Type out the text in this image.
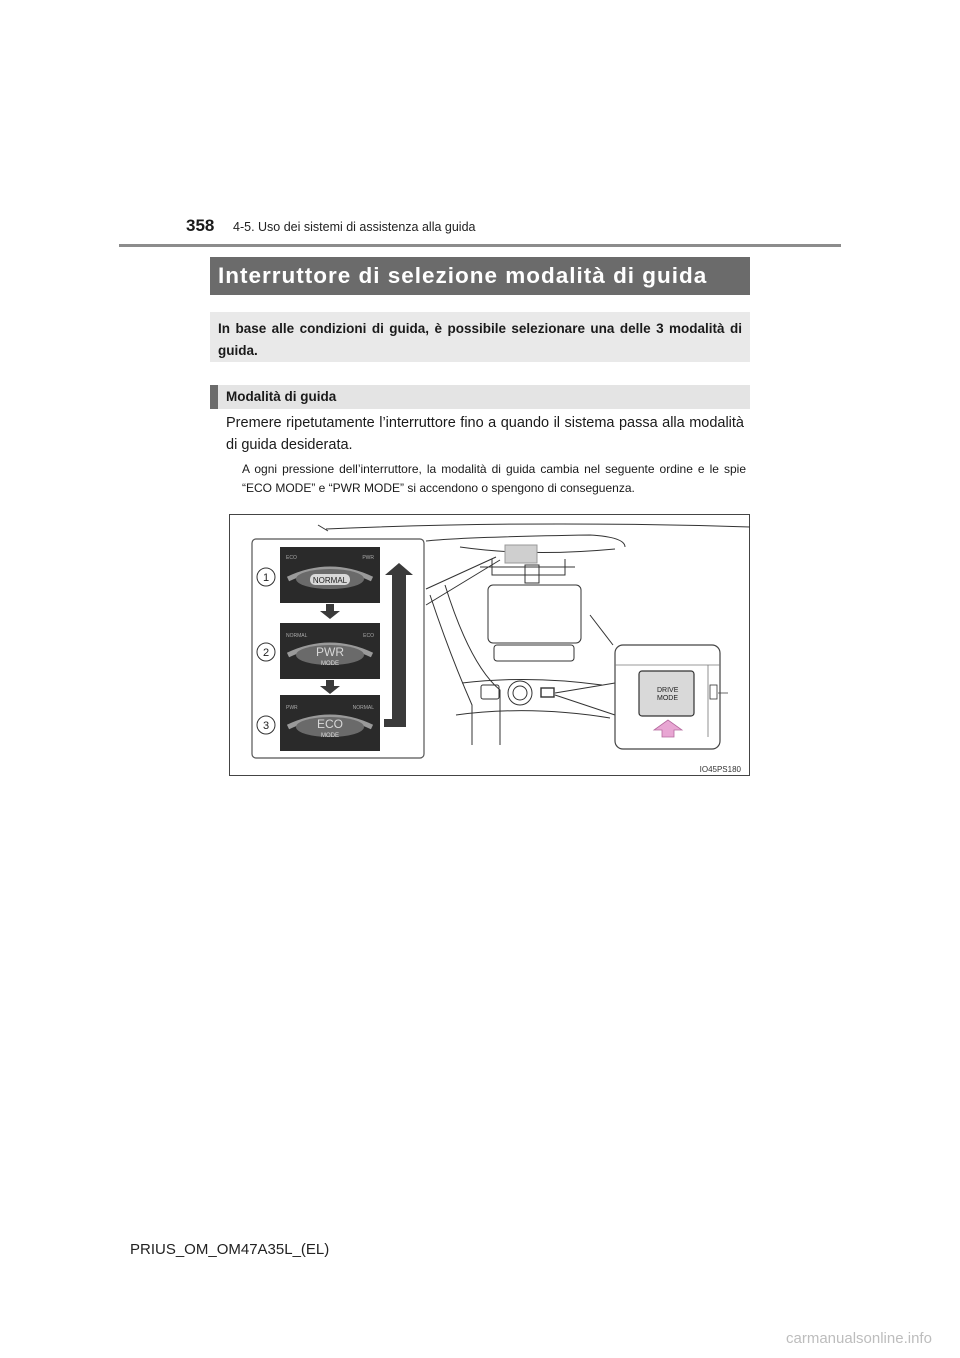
358 4-5. Uso dei sistemi di assistenza alla guida
Interruttore di selezione modalità di guida
In base alle condizioni di guida, è possibile selezionare una delle 3 modalità di guida.
Modalità di guida
Premere ripetutamente l’interruttore fino a quando il sistema passa alla modalità di guida desiderata.
A ogni pressione dell’interruttore, la modalità di guida cambia nel seguente ordine e le spie “ECO MODE” e “PWR MODE” si accendono o spengono di conseguenza.
NORMAL
ECO	PWR
PWR
MODE
NORMAL	ECO
ECO
MODE
PWR	NORMAL
1
2
3
DRIVE
MODE
IO45PS180
PRIUS_OM_OM47A35L_(EL)
carmanualsonline.info
